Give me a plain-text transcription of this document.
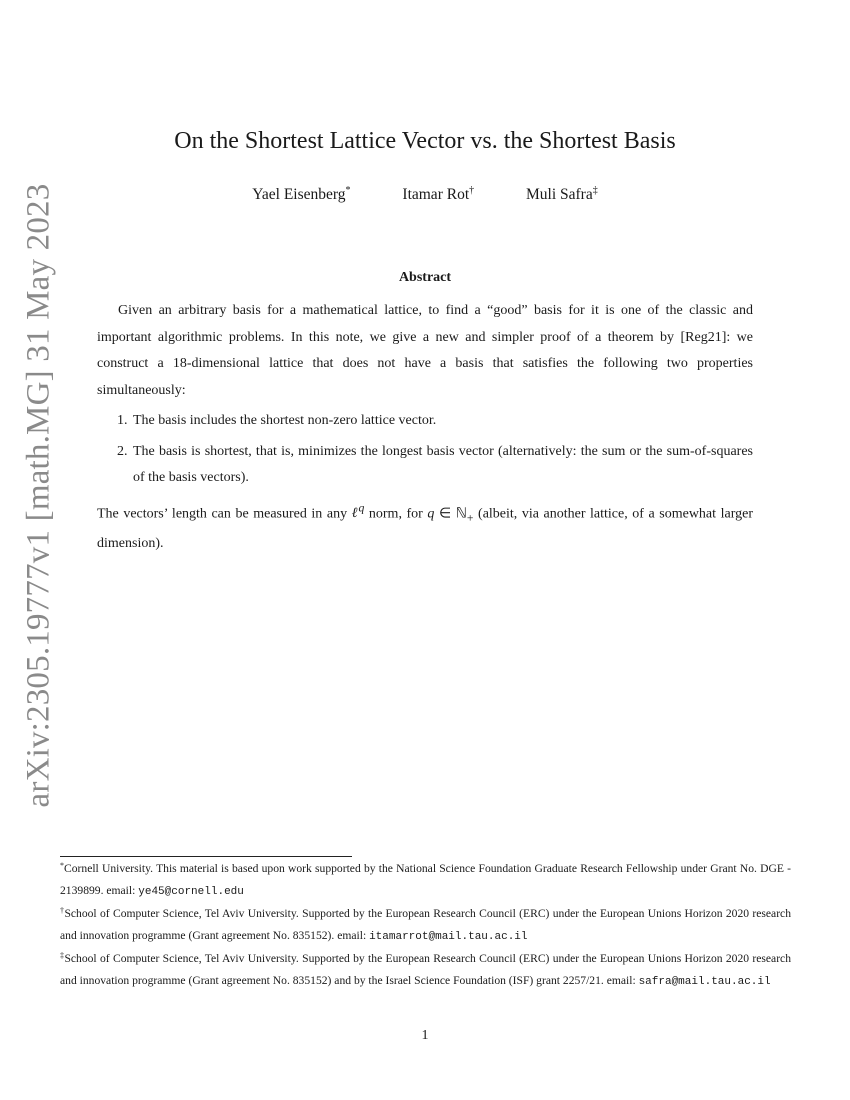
arXiv:2305.19777v1 [math.MG] 31 May 2023
On the Shortest Lattice Vector vs. the Shortest Basis
Yael Eisenberg*	Itamar Rot†	Muli Safra‡
Abstract

Given an arbitrary basis for a mathematical lattice, to find a “good” basis for it is one of the classic and important algorithmic problems. In this note, we give a new and simpler proof of a theorem by [Reg21]: we construct a 18-dimensional lattice that does not have a basis that satisfies the following two properties simultaneously:

1. The basis includes the shortest non-zero lattice vector.
2. The basis is shortest, that is, minimizes the longest basis vector (alternatively: the sum or the sum-of-squares of the basis vectors).

The vectors’ length can be measured in any ℓ$^q$ norm, for q ∈ ℕ$_+$ (albeit, via another lattice, of a somewhat larger dimension).

*Cornell University. This material is based upon work supported by the National Science Foundation Graduate Research Fellowship under Grant No. DGE - 2139899. email: ye45@cornell.edu

†School of Computer Science, Tel Aviv University. Supported by the European Research Council (ERC) under the European Unions Horizon 2020 research and innovation programme (Grant agreement No. 835152). email: itamarrot@mail.tau.ac.il

‡School of Computer Science, Tel Aviv University. Supported by the European Research Council (ERC) under the European Unions Horizon 2020 research and innovation programme (Grant agreement No. 835152) and by the Israel Science Foundation (ISF) grant 2257/21. email: safra@mail.tau.ac.il

1
